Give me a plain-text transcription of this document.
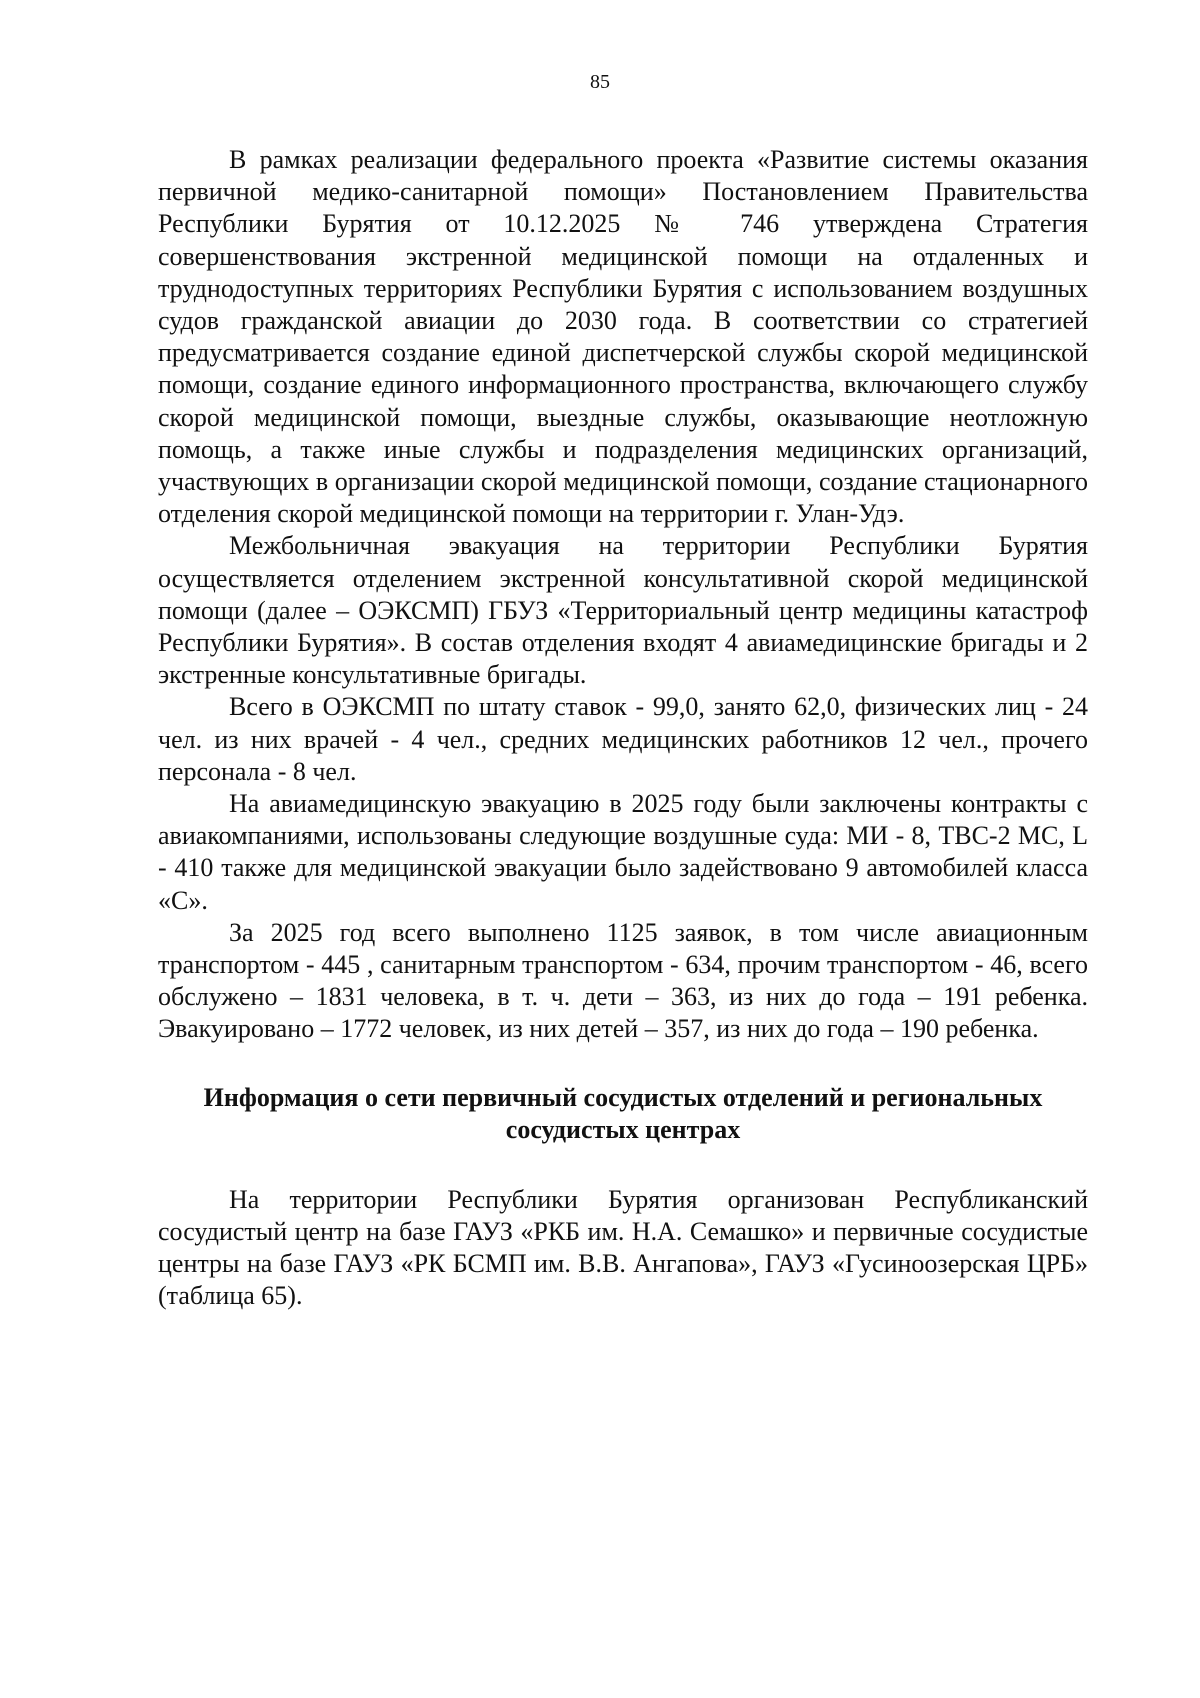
85

В рамках реализации федерального проекта «Развитие системы оказания первичной медико-санитарной помощи» Постановлением Правительства Республики Бурятия от 10.12.2025 № 746 утверждена Стратегия совершенствования экстренной медицинской помощи на отдаленных и труднодоступных территориях Республики Бурятия с использованием воздушных судов гражданской авиации до 2030 года. В соответствии со стратегией предусматривается создание единой диспетчерской службы скорой медицинской помощи, создание единого информационного пространства, включающего службу скорой медицинской помощи, выездные службы, оказывающие неотложную помощь, а также иные службы и подразделения медицинских организаций, участвующих в организации скорой медицинской помощи, создание стационарного отделения скорой медицинской помощи на территории г. Улан-Удэ.

Межбольничная эвакуация на территории Республики Бурятия осуществляется отделением экстренной консультативной скорой медицинской помощи (далее – ОЭКСМП) ГБУЗ «Территориальный центр медицины катастроф Республики Бурятия». В состав отделения входят 4 авиамедицинские бригады и 2 экстренные консультативные бригады.

Всего в ОЭКСМП по штату ставок - 99,0, занято 62,0, физических лиц - 24 чел. из них врачей - 4 чел., средних медицинских работников 12 чел., прочего персонала - 8 чел.

На авиамедицинскую эвакуацию в 2025 году были заключены контракты с авиакомпаниями, использованы следующие воздушные суда: МИ - 8, ТВС-2 МС, L - 410 также для медицинской эвакуации было задействовано 9 автомобилей класса «С».

За 2025 год всего выполнено 1125 заявок, в том числе авиационным транспортом - 445 , санитарным транспортом - 634, прочим транспортом - 46, всего обслужено – 1831 человека, в т. ч. дети – 363, из них до года – 191 ребенка. Эвакуировано – 1772 человек, из них детей – 357, из них до года – 190 ребенка.

Информация о сети первичный сосудистых отделений и региональных
сосудистых центрах

На территории Республики Бурятия организован Республиканский сосудистый центр на базе ГАУЗ «РКБ им. Н.А. Семашко» и первичные сосудистые центры на базе ГАУЗ «РК БСМП им. В.В. Ангапова», ГАУЗ «Гусиноозерская ЦРБ» (таблица 65).
